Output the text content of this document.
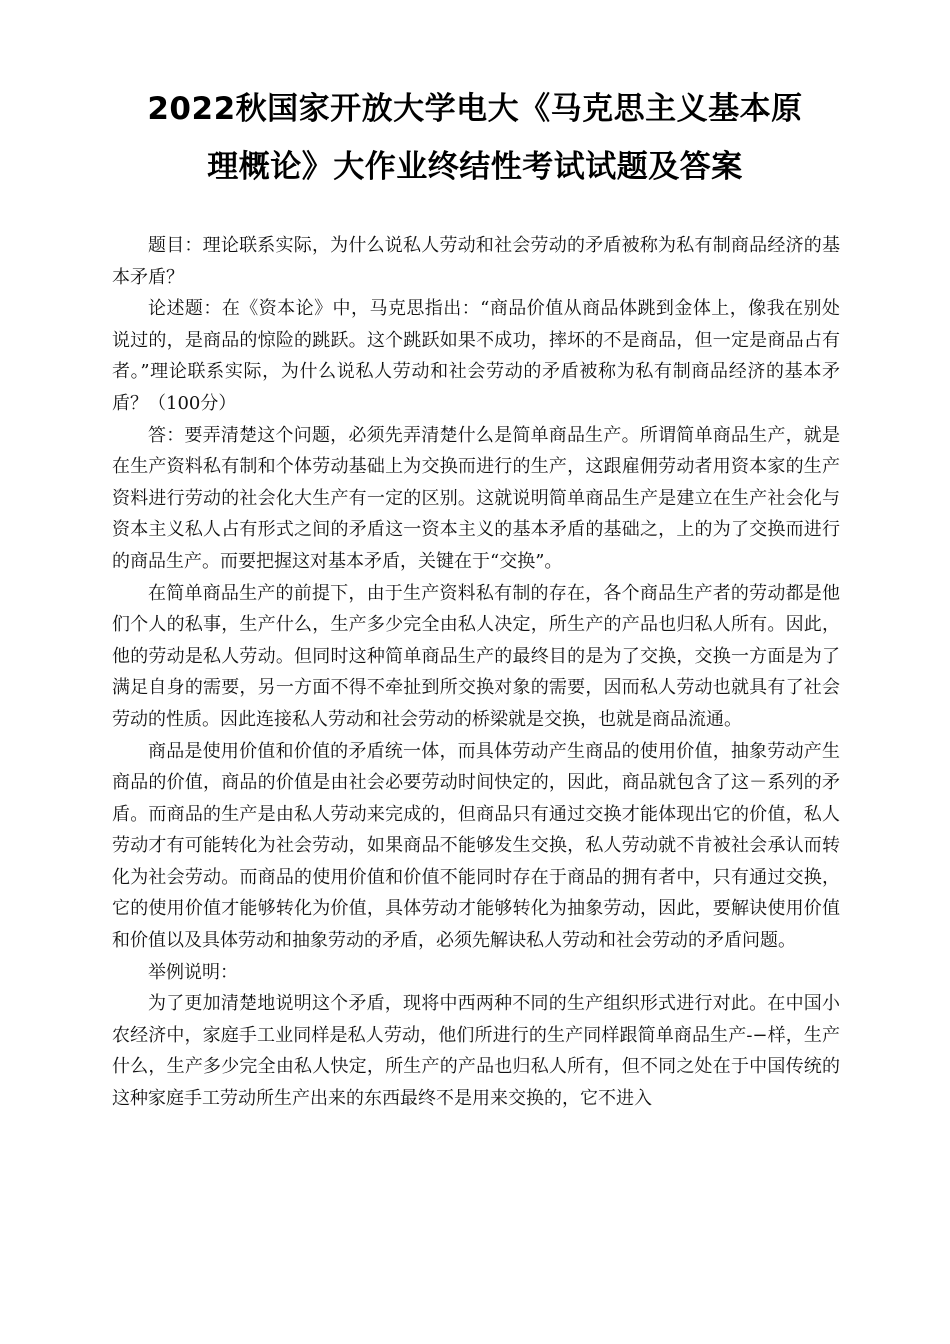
2022秋国家开放大学电大《马克思主义基本原
理概论》大作业终结性考试试题及答案

题目：理论联系实际，为什么说私人劳动和社会劳动的矛盾被称为私有制商品经济的基本矛盾？

论述题：在《资本论》中，马克思指出：“商品价值从商品体跳到金体上，像我在别处说过的，是商品的惊险的跳跃。这个跳跃如果不成功，摔坏的不是商品，但一定是商品占有者。”理论联系实际，为什么说私人劳动和社会劳动的矛盾被称为私有制商品经济的基本矛盾？（100分）

答：要弄清楚这个问题，必须先弄清楚什么是简单商品生产。所谓简单商品生产，就是在生产资料私有制和个体劳动基础上为交换而进行的生产，这跟雇佣劳动者用资本家的生产资料进行劳动的社会化大生产有一定的区别。这就说明简单商品生产是建立在生产社会化与资本主义私人占有形式之间的矛盾这一资本主义的基本矛盾的基础之，上的为了交换而进行的商品生产。而要把握这对基本矛盾，关键在于“交换”。

在简单商品生产的前提下，由于生产资料私有制的存在，各个商品生产者的劳动都是他们个人的私事，生产什么，生产多少完全由私人决定，所生产的产品也归私人所有。因此，他的劳动是私人劳动。但同时这种简单商品生产的最终目的是为了交换，交换一方面是为了满足自身的需要，另一方面不得不牵扯到所交换对象的需要，因而私人劳动也就具有了社会劳动的性质。因此连接私人劳动和社会劳动的桥梁就是交换，也就是商品流通。

商品是使用价值和价值的矛盾统一体，而具体劳动产生商品的使用价值，抽象劳动产生商品的价值，商品的价值是由社会必要劳动时间快定的，因此，商品就包含了这－系列的矛盾。而商品的生产是由私人劳动来完成的，但商品只有通过交换才能体现出它的价值，私人劳动才有可能转化为社会劳动，如果商品不能够发生交换，私人劳动就不肯被社会承认而转化为社会劳动。而商品的使用价值和价值不能同时存在于商品的拥有者中，只有通过交换，它的使用价值才能够转化为价值，具体劳动才能够转化为抽象劳动，因此，要解诀使用价值和价值以及具体劳动和抽象劳动的矛盾，必须先解诀私人劳动和社会劳动的矛盾问题。

举例说明：

为了更加清楚地说明这个矛盾，现将中西两种不同的生产组织形式进行对此。在中国小农经济中，家庭手工业同样是私人劳动，他们所进行的生产同样跟简单商品生产-−样，生产什么，生产多少完全由私人快定，所生产的产品也归私人所有，但不同之处在于中国传统的这种家庭手工劳动所生产出来的东西最终不是用来交换的，它不进入
